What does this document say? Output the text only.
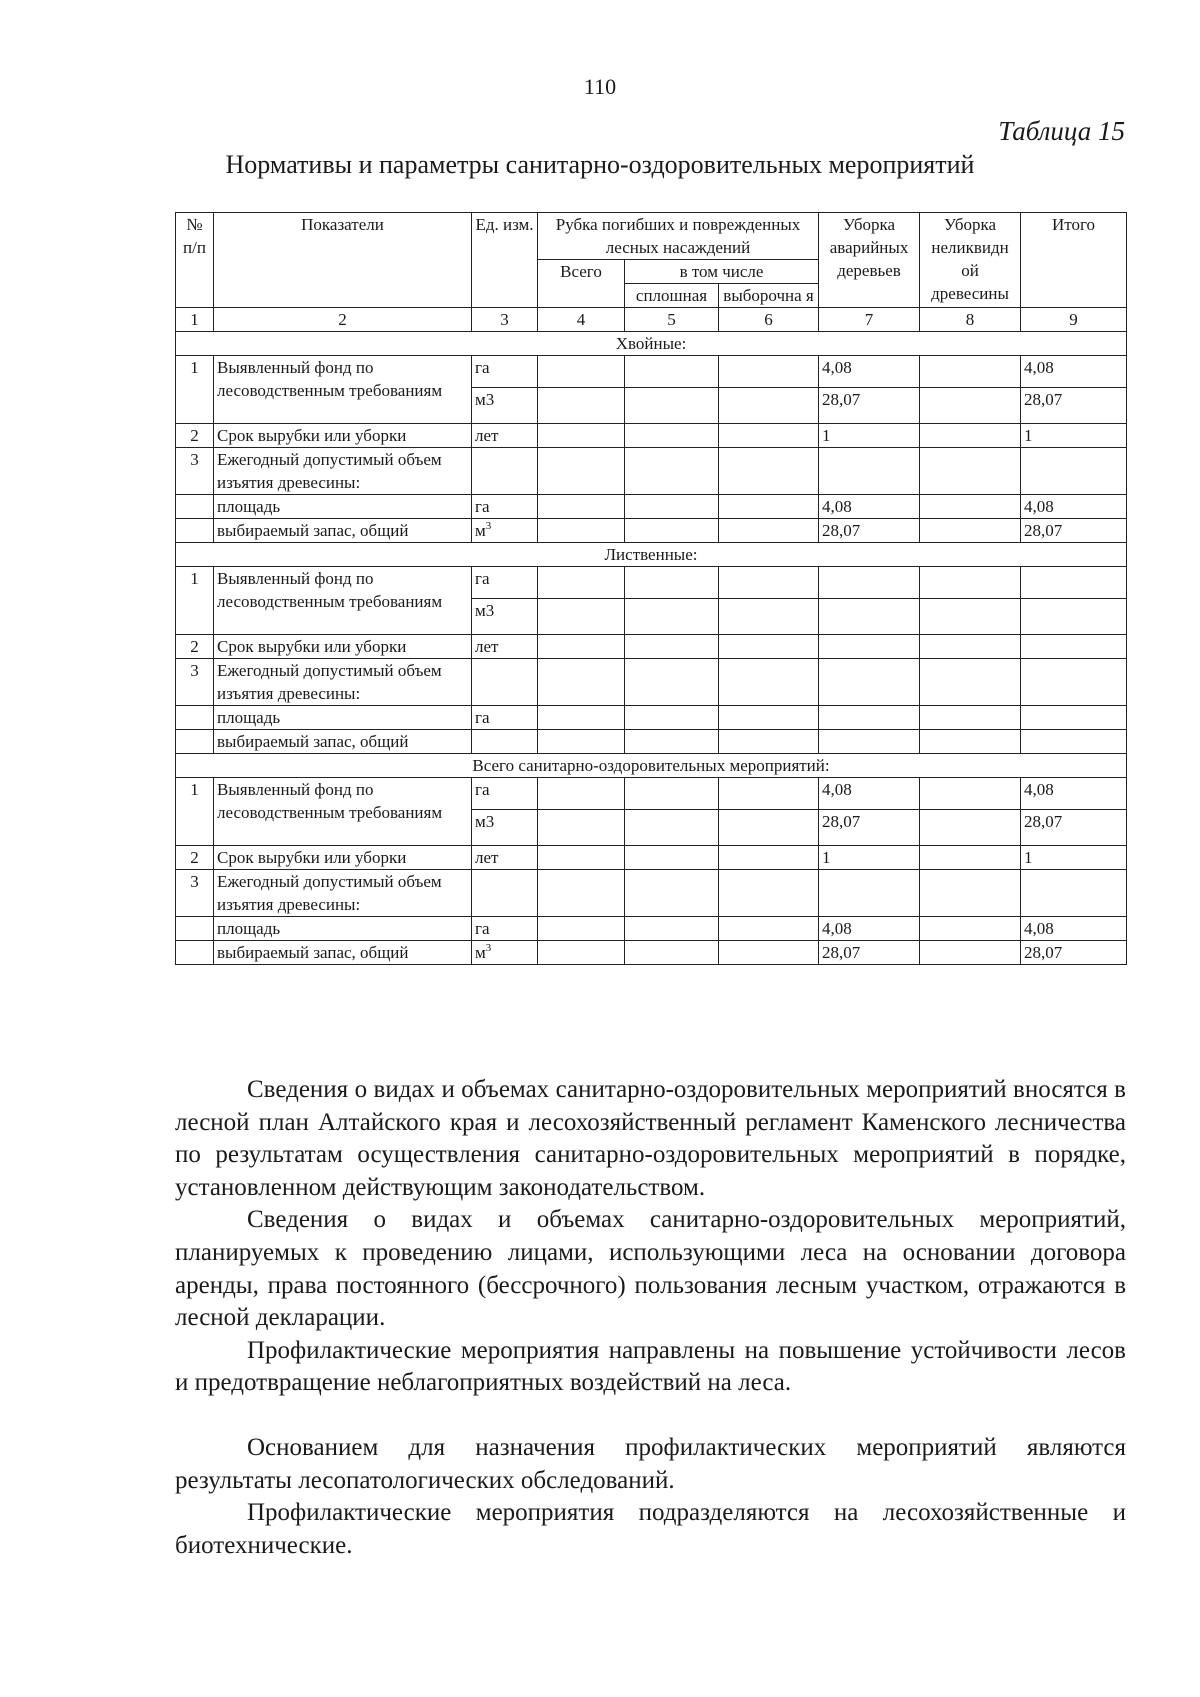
110
Таблица 15
Нормативы и параметры санитарно-оздоровительных мероприятий
№ п/п	Показатели	Ед. изм.	Рубка погибших и поврежденных лесных насаждений			Уборка аварийных деревьев	Уборка неликвидн ой древесины	Итого
			Всего	в том числе				
				сплошная	выборочна я			

1	2	3	4	5	6	7	8	9
Хвойные:								
1	Выявленный фонд по лесоводственным требованиям	га				4,08		4,08
		м3				28,07		28,07
2	Срок вырубки или уборки	лет				1		1
3	Ежегодный допустимый объем изъятия древесины:							
	площадь	га				4,08		4,08
	выбираемый запас, общий	$м^3$				28,07		28,07
Лиственные:								
1	Выявленный фонд по лесоводственным требованиям	га						
		м3						
2	Срок вырубки или уборки	лет						
3	Ежегодный допустимый объем изъятия древесины:							
	площадь	га						
	выбираемый запас, общий							
Всего санитарно-оздоровительных мероприятий:								
1	Выявленный фонд по лесоводственным требованиям	га				4,08		4,08
		м3				28,07		28,07
2	Срок вырубки или уборки	лет				1		1
3	Ежегодный допустимый объем изъятия древесины:							
	площадь	га				4,08		4,08
	выбираемый запас, общий	$м^3$				28,07		28,07

Сведения о видах и объемах санитарно-оздоровительных мероприятий вносятся в лесной план Алтайского края и лесохозяйственный регламент Каменского лесничества по результатам осуществления санитарно-оздоровительных мероприятий в порядке, установленном действующим законодательством.

Сведения о видах и объемах санитарно-оздоровительных мероприятий, планируемых к проведению лицами, использующими леса на основании договора аренды, права постоянного (бессрочного) пользования лесным участком, отражаются в лесной декларации.

Профилактические мероприятия направлены на повышение устойчивости лесов и предотвращение неблагоприятных воздействий на леса.

Основанием для назначения профилактических мероприятий являются результаты лесопатологических обследований.

Профилактические мероприятия подразделяются на лесохозяйственные и биотехнические.
